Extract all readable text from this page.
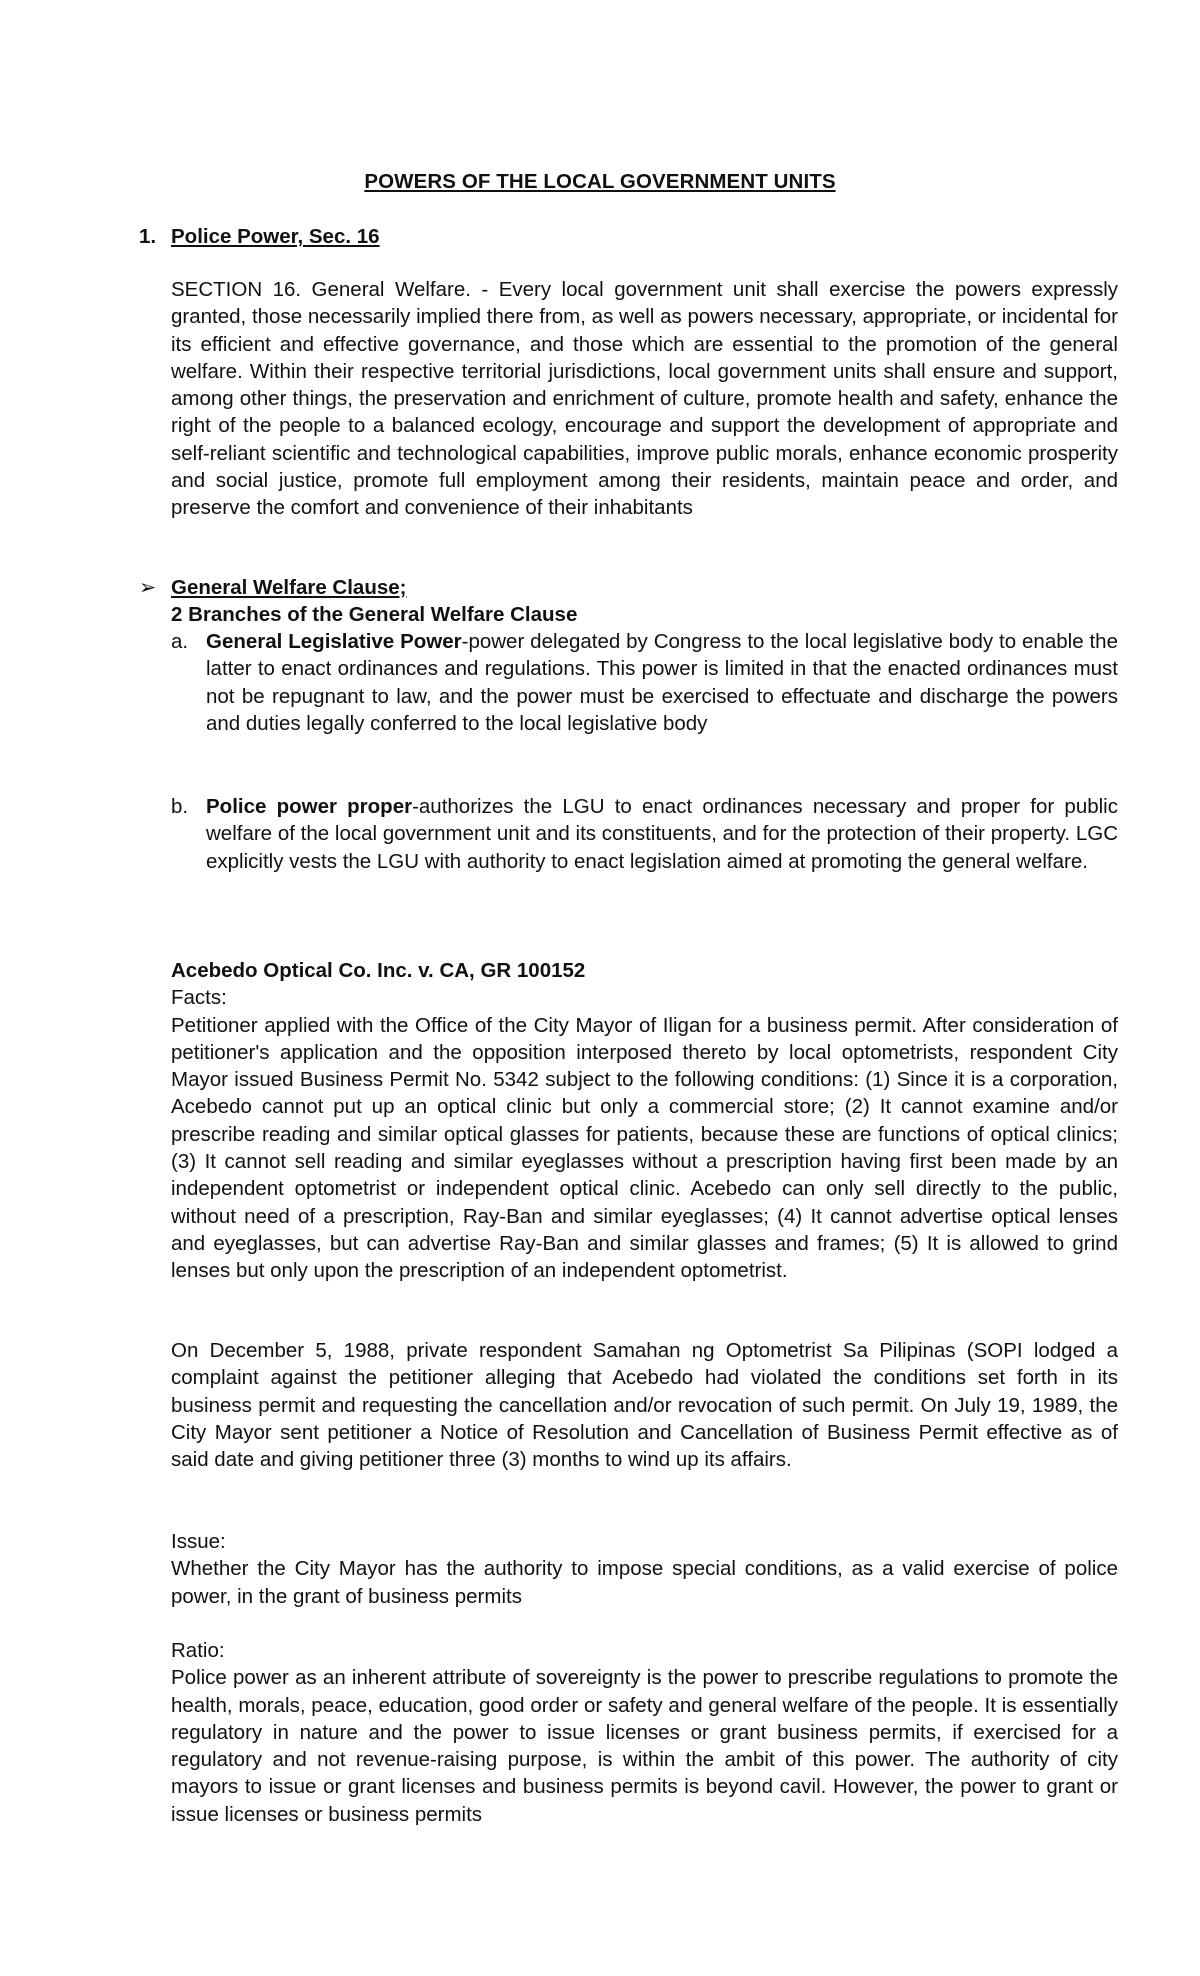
POWERS OF THE LOCAL GOVERNMENT UNITS
1. Police Power, Sec. 16

SECTION 16. General Welfare. - Every local government unit shall exercise the powers expressly granted, those necessarily implied there from, as well as powers necessary, appropriate, or incidental for its efficient and effective governance, and those which are essential to the promotion of the general welfare. Within their respective territorial jurisdictions, local government units shall ensure and support, among other things, the preservation and enrichment of culture, promote health and safety, enhance the right of the people to a balanced ecology, encourage and support the development of appropriate and self-reliant scientific and technological capabilities, improve public morals, enhance economic prosperity and social justice, promote full employment among their residents, maintain peace and order, and preserve the comfort and convenience of their inhabitants

➢ General Welfare Clause;
2 Branches of the General Welfare Clause
a. General Legislative Power-power delegated by Congress to the local legislative body to enable the latter to enact ordinances and regulations. This power is limited in that the enacted ordinances must not be repugnant to law, and the power must be exercised to effectuate and discharge the powers and duties legally conferred to the local legislative body
b. Police power proper-authorizes the LGU to enact ordinances necessary and proper for public welfare of the local government unit and its constituents, and for the protection of their property. LGC explicitly vests the LGU with authority to enact legislation aimed at promoting the general welfare.
Acebedo Optical Co. Inc. v. CA, GR 100152
Facts:
Petitioner applied with the Office of the City Mayor of Iligan for a business permit. After consideration of petitioner's application and the opposition interposed thereto by local optometrists, respondent City Mayor issued Business Permit No. 5342 subject to the following conditions: (1) Since it is a corporation, Acebedo cannot put up an optical clinic but only a commercial store; (2) It cannot examine and/or prescribe reading and similar optical glasses for patients, because these are functions of optical clinics; (3) It cannot sell reading and similar eyeglasses without a prescription having first been made by an independent optometrist or independent optical clinic. Acebedo can only sell directly to the public, without need of a prescription, Ray-Ban and similar eyeglasses; (4) It cannot advertise optical lenses and eyeglasses, but can advertise Ray-Ban and similar glasses and frames; (5) It is allowed to grind lenses but only upon the prescription of an independent optometrist.
On December 5, 1988, private respondent Samahan ng Optometrist Sa Pilipinas (SOPI lodged a complaint against the petitioner alleging that Acebedo had violated the conditions set forth in its business permit and requesting the cancellation and/or revocation of such permit. On July 19, 1989, the City Mayor sent petitioner a Notice of Resolution and Cancellation of Business Permit effective as of said date and giving petitioner three (3) months to wind up its affairs.
Issue:
Whether the City Mayor has the authority to impose special conditions, as a valid exercise of police power, in the grant of business permits
Ratio:
Police power as an inherent attribute of sovereignty is the power to prescribe regulations to promote the health, morals, peace, education, good order or safety and general welfare of the people. It is essentially regulatory in nature and the power to issue licenses or grant business permits, if exercised for a regulatory and not revenue-raising purpose, is within the ambit of this power. The authority of city mayors to issue or grant licenses and business permits is beyond cavil. However, the power to grant or issue licenses or business permits
